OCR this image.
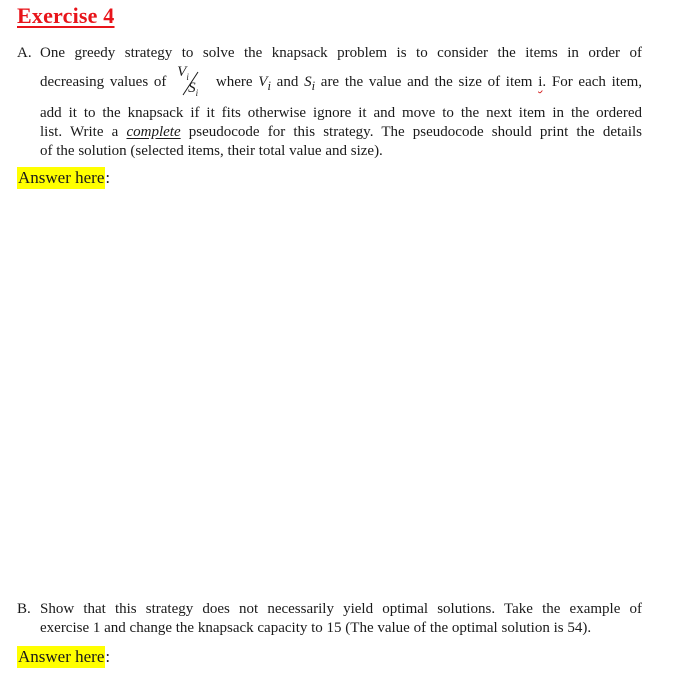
Exercise 4
A. One greedy strategy to solve the knapsack problem is to consider the items in order of
decreasing values of
$V_i$
$S_i$
where $V_i$ and $S_i$ are the value and the size of item i. For each item,
add it to the knapsack if it fits otherwise ignore it and move to the next item in the ordered
list. Write a complete pseudocode for this strategy. The pseudocode should print the details
of the solution (selected items, their total value and size).
Answer here:
B. Show that this strategy does not necessarily yield optimal solutions. Take the example of
exercise 1 and change the knapsack capacity to 15 (The value of the optimal solution is 54).
Answer here:
